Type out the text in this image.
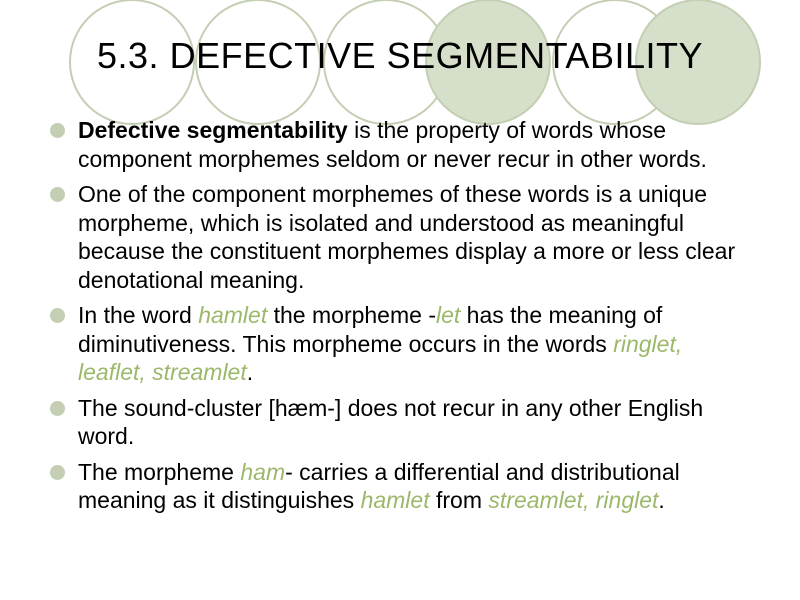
5.3. DEFECTIVE SEGMENTABILITY
Defective segmentability is the property of words whose component morphemes seldom or never recur in other words.
One of the component morphemes of these words is a unique morpheme, which is isolated and understood as meaningful because the constituent morphemes display a more or less clear denotational meaning.
In the word hamlet the morpheme -let has the meaning of diminutiveness. This morpheme occurs in the words ringlet, leaflet, streamlet.
The sound-cluster [hæm-] does not recur in any other English word.
The morpheme ham- carries a differential and distributional meaning as it distinguishes hamlet from streamlet, ringlet.
